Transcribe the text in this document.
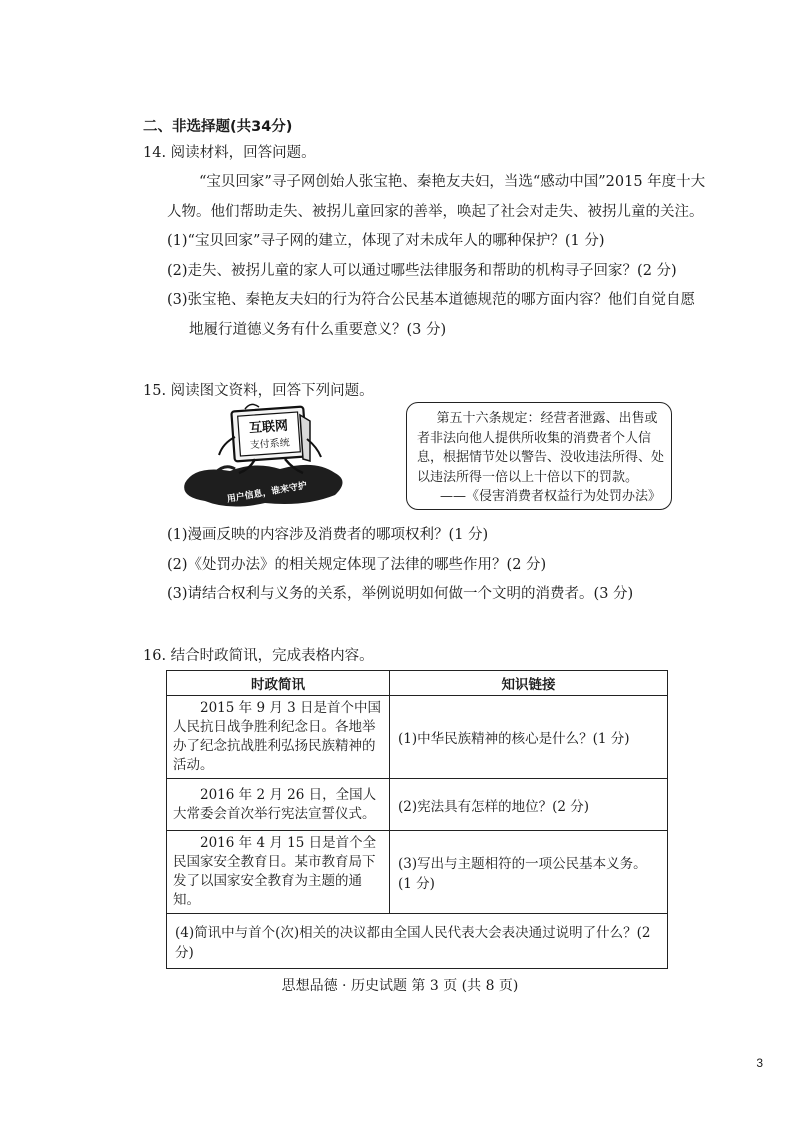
二、非选择题(共34分)
14. 阅读材料，回答问题。
“宝贝回家”寻子网创始人张宝艳、秦艳友夫妇，当选“感动中国”2015 年度十大
人物。他们帮助走失、被拐儿童回家的善举，唤起了社会对走失、被拐儿童的关注。
(1)“宝贝回家”寻子网的建立，体现了对未成年人的哪种保护？(1 分)
(2)走失、被拐儿童的家人可以通过哪些法律服务和帮助的机构寻子回家？(2 分)
(3)张宝艳、秦艳友夫妇的行为符合公民基本道德规范的哪方面内容？他们自觉自愿
地履行道德义务有什么重要意义？(3 分)
15. 阅读图文资料，回答下列问题。
互联网
支付系统
用户信息，谁来守护
第五十六条规定：经营者泄露、出售或
者非法向他人提供所收集的消费者个人信
息，根据情节处以警告、没收违法所得、处
以违法所得一倍以上十倍以下的罚款。
——《侵害消费者权益行为处罚办法》
(1)漫画反映的内容涉及消费者的哪项权利？(1 分)
(2)《处罚办法》的相关规定体现了法律的哪些作用？(2 分)
(3)请结合权利与义务的关系，举例说明如何做一个文明的消费者。(3 分)
16. 结合时政简讯，完成表格内容。
时政简讯	知识链接

2015 年 9 月 3 日是首个中国人民抗日战争胜利纪念日。各地举办了纪念抗战胜利弘扬民族精神的活动。	(1)中华民族精神的核心是什么？(1 分)

2016 年 2 月 26 日，全国人大常委会首次举行宪法宣誓仪式。	(2)宪法具有怎样的地位？(2 分)

2016 年 4 月 15 日是首个全民国家安全教育日。某市教育局下发了以国家安全教育为主题的通知。	(3)写出与主题相符的一项公民基本义务。(1 分)
(4)简讯中与首个(次)相关的决议都由全国人民代表大会表决通过说明了什么？(2 分)	
思想品德 · 历史试题 第 3 页 (共 8 页)
3
